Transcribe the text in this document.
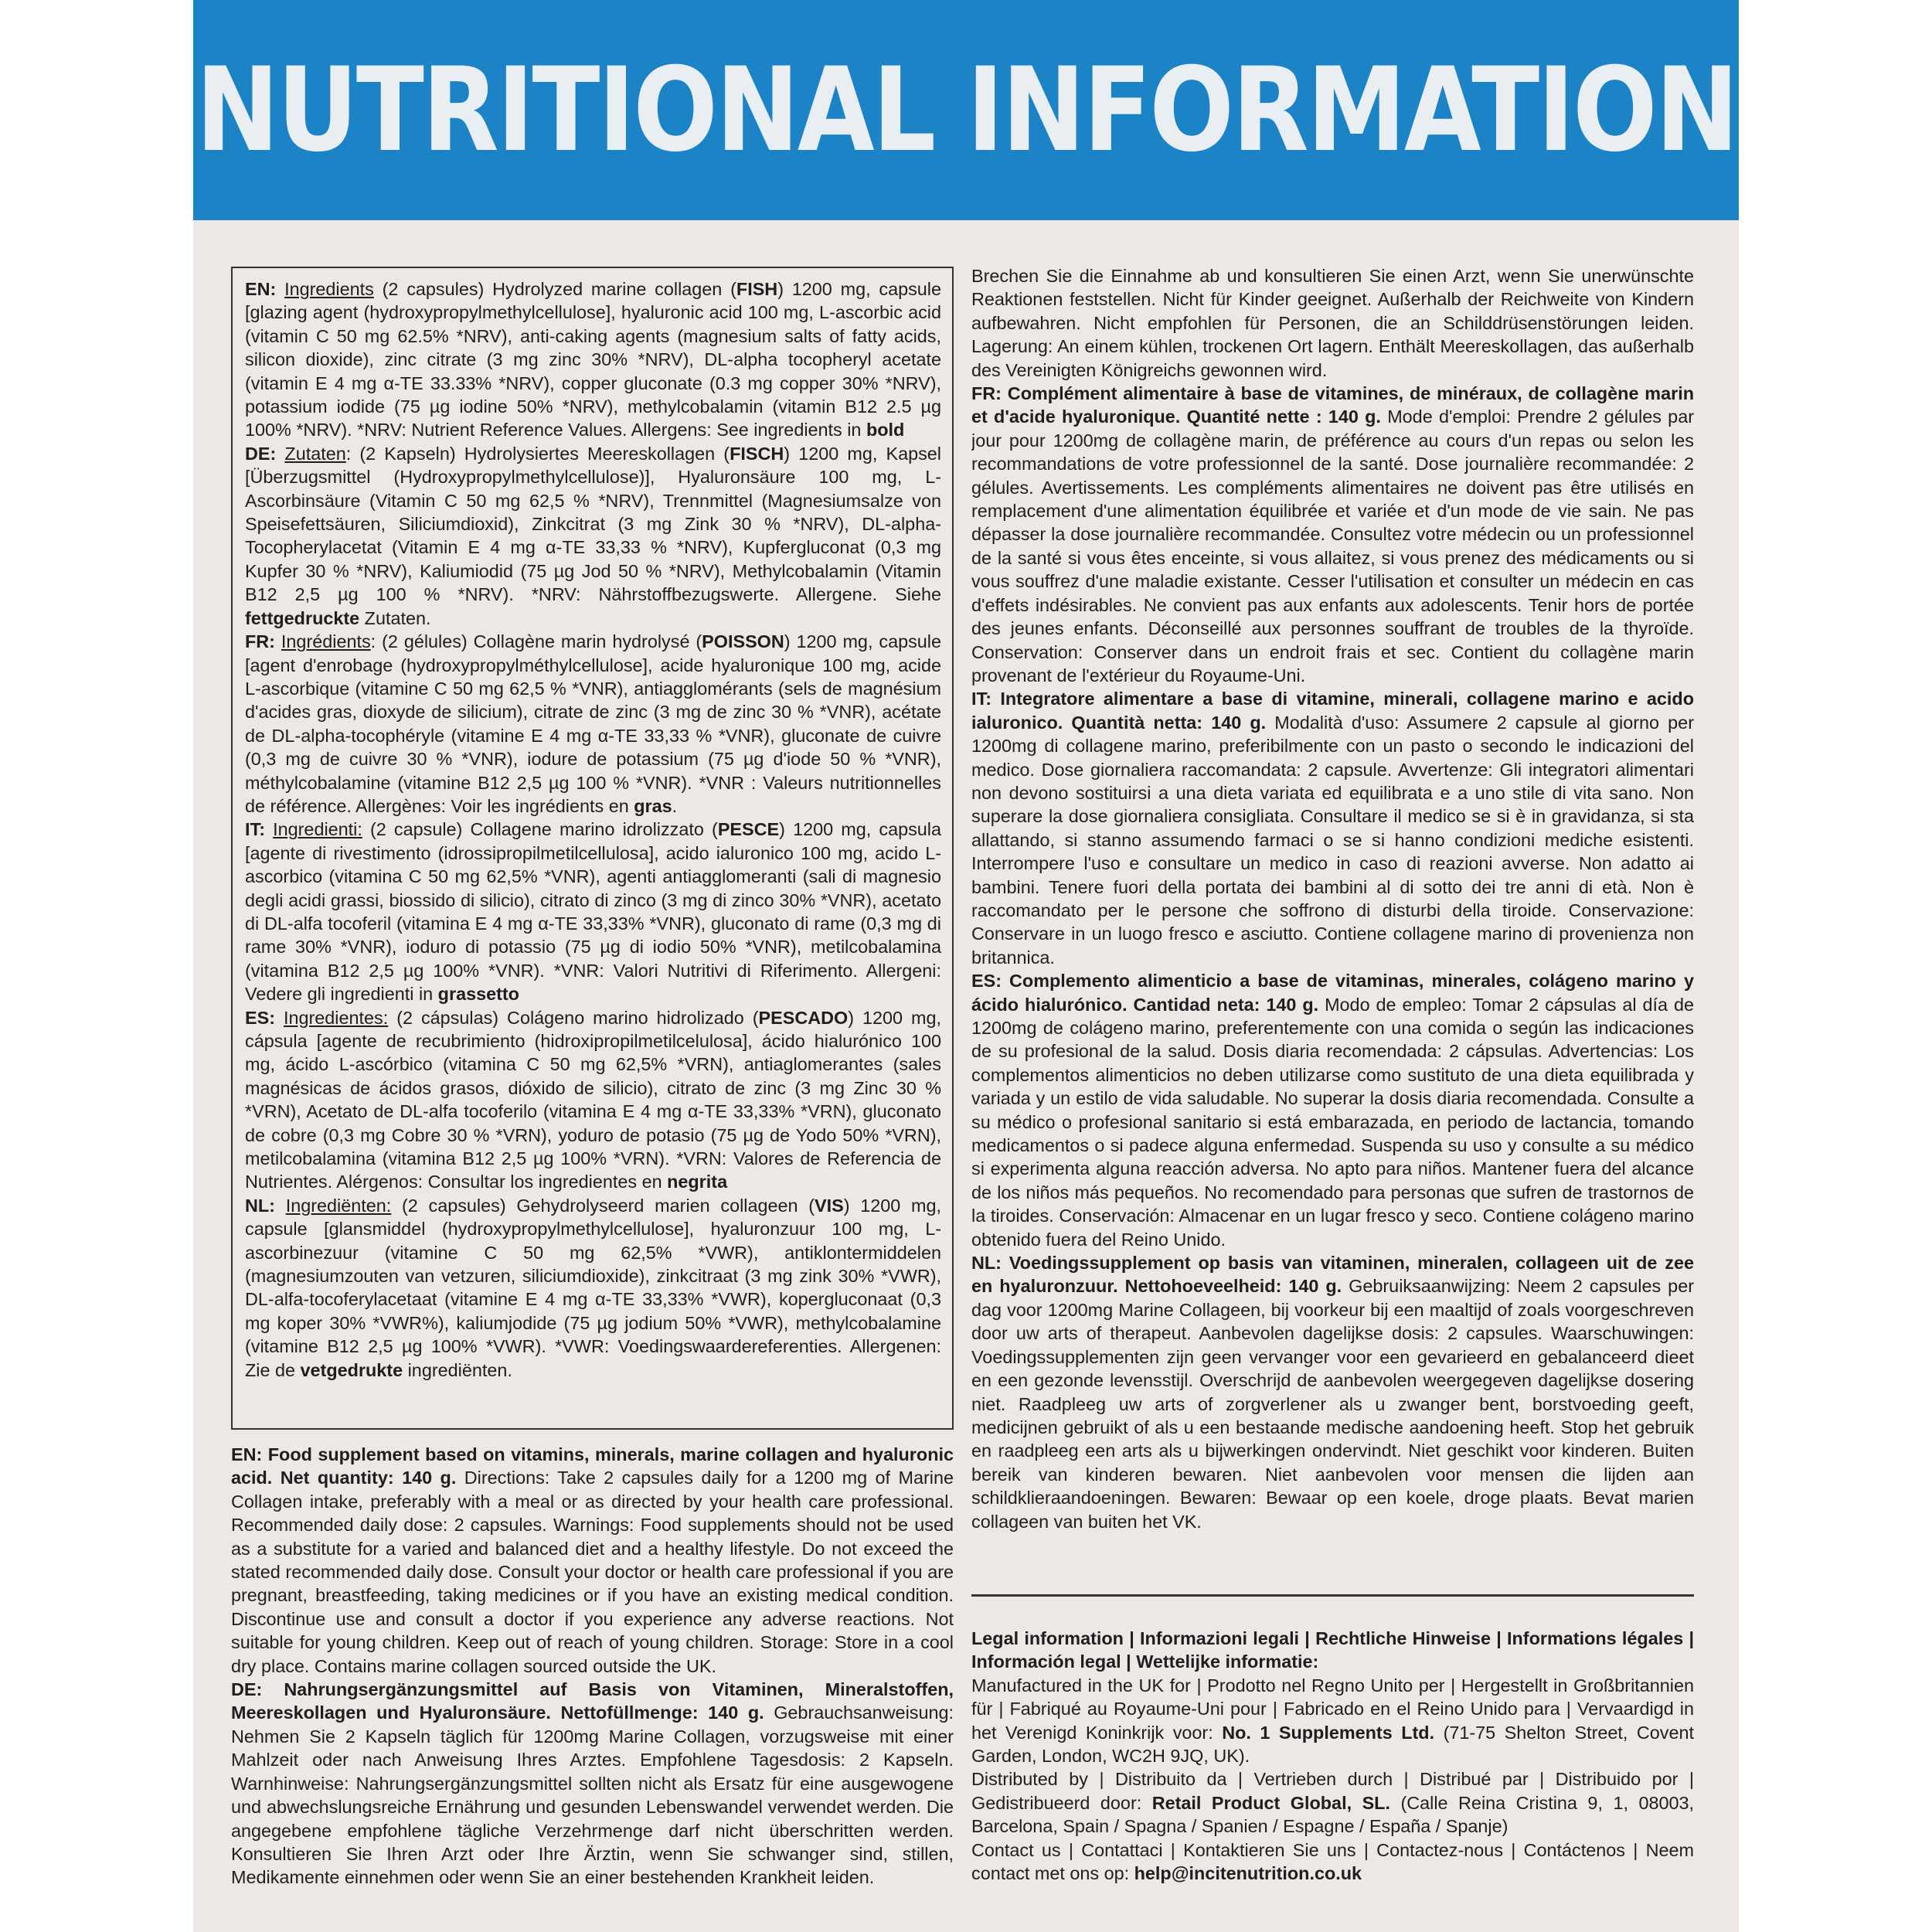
NUTRITIONAL INFORMATION

EN: Ingredients (2 capsules) Hydrolyzed marine collagen (FISH) 1200 mg, capsule [glazing agent (hydroxypropylmethylcellulose], hyaluronic acid 100 mg, L-ascorbic acid (vitamin C 50 mg 62.5% *NRV), anti-caking agents (magnesium salts of fatty acids, silicon dioxide), zinc citrate (3 mg zinc 30% *NRV), DL-alpha tocopheryl acetate (vitamin E 4 mg α-TE 33.33% *NRV), copper gluconate (0.3 mg copper 30% *NRV), potassium iodide (75 µg iodine 50% *NRV), methylcobalamin (vitamin B12 2.5 µg 100% *NRV). *NRV: Nutrient Reference Values. Allergens: See ingredients in bold

DE: Zutaten: (2 Kapseln) Hydrolysiertes Meereskollagen (FISCH) 1200 mg, Kapsel [Überzugsmittel (Hydroxypropylmethylcellulose)], Hyaluronsäure 100 mg, L-Ascorbinsäure (Vitamin C 50 mg 62,5 % *NRV), Trennmittel (Magnesiumsalze von Speisefettsäuren, Siliciumdioxid), Zinkcitrat (3 mg Zink 30 % *NRV), DL-alpha-Tocopherylacetat (Vitamin E 4 mg α-TE 33,33 % *NRV), Kupfergluconat (0,3 mg Kupfer 30 % *NRV), Kaliumiodid (75 µg Jod 50 % *NRV), Methylcobalamin (Vitamin B12 2,5 µg 100 % *NRV). *NRV: Nährstoffbezugswerte. Allergene. Siehe fettgedruckte Zutaten.

FR: Ingrédients: (2 gélules) Collagène marin hydrolysé (POISSON) 1200 mg, capsule [agent d'enrobage (hydroxypropylméthylcellulose], acide hyaluronique 100 mg, acide L-ascorbique (vitamine C 50 mg 62,5 % *VNR), antiagglomérants (sels de magnésium d'acides gras, dioxyde de silicium), citrate de zinc (3 mg de zinc 30 % *VNR), acétate de DL-alpha-tocophéryle (vitamine E 4 mg α-TE 33,33 % *VNR), gluconate de cuivre (0,3 mg de cuivre 30 % *VNR), iodure de potassium (75 µg d'iode 50 % *VNR), méthylcobalamine (vitamine B12 2,5 µg 100 % *VNR). *VNR : Valeurs nutritionnelles de référence. Allergènes: Voir les ingrédients en gras.

IT: Ingredienti: (2 capsule) Collagene marino idrolizzato (PESCE) 1200 mg, capsula [agente di rivestimento (idrossipropilmetilcellulosa], acido ialuronico 100 mg, acido L-ascorbico (vitamina C 50 mg 62,5% *VNR), agenti antiagglomeranti (sali di magnesio degli acidi grassi, biossido di silicio), citrato di zinco (3 mg di zinco 30% *VNR), acetato di DL-alfa tocoferil (vitamina E 4 mg α-TE 33,33% *VNR), gluconato di rame (0,3 mg di rame 30% *VNR), ioduro di potassio (75 µg di iodio 50% *VNR), metilcobalamina (vitamina B12 2,5 µg 100% *VNR). *VNR: Valori Nutritivi di Riferimento. Allergeni: Vedere gli ingredienti in grassetto

ES: Ingredientes: (2 cápsulas) Colágeno marino hidrolizado (PESCADO) 1200 mg, cápsula [agente de recubrimiento (hidroxipropilmetilcelulosa], ácido hialurónico 100 mg, ácido L-ascórbico (vitamina C 50 mg 62,5% *VRN), antiaglomerantes (sales magnésicas de ácidos grasos, dióxido de silicio), citrato de zinc (3 mg Zinc 30 % *VRN), Acetato de DL-alfa tocoferilo (vitamina E 4 mg α-TE 33,33% *VRN), gluconato de cobre (0,3 mg Cobre 30 % *VRN), yoduro de potasio (75 µg de Yodo 50% *VRN), metilcobalamina (vitamina B12 2,5 µg 100% *VRN). *VRN: Valores de Referencia de Nutrientes. Alérgenos: Consultar los ingredientes en negrita

NL: Ingrediënten: (2 capsules) Gehydrolyseerd marien collageen (VIS) 1200 mg, capsule [glansmiddel (hydroxypropylmethylcellulose], hyaluronzuur 100 mg, L-ascorbinezuur (vitamine C 50 mg 62,5% *VWR), antiklontermiddelen (magnesiumzouten van vetzuren, siliciumdioxide), zinkcitraat (3 mg zink 30% *VWR), DL-alfa-tocoferylacetaat (vitamine E 4 mg α-TE 33,33% *VWR), kopergluconaat (0,3 mg koper 30% *VWR%), kaliumjodide (75 µg jodium 50% *VWR), methylcobalamine (vitamine B12 2,5 µg 100% *VWR). *VWR: Voedingswaardereferenties. Allergenen: Zie de vetgedrukte ingrediënten.

EN: Food supplement based on vitamins, minerals, marine collagen and hyaluronic acid. Net quantity: 140 g. Directions: Take 2 capsules daily for a 1200 mg of Marine Collagen intake, preferably with a meal or as directed by your health care professional. Recommended daily dose: 2 capsules. Warnings: Food supplements should not be used as a substitute for a varied and balanced diet and a healthy lifestyle. Do not exceed the stated recommended daily dose. Consult your doctor or health care professional if you are pregnant, breastfeeding, taking medicines or if you have an existing medical condition. Discontinue use and consult a doctor if you experience any adverse reactions. Not suitable for young children. Keep out of reach of young children. Storage: Store in a cool dry place. Contains marine collagen sourced outside the UK.

DE: Nahrungsergänzungsmittel auf Basis von Vitaminen, Mineralstoffen, Meereskollagen und Hyaluronsäure. Nettofüllmenge: 140 g. Gebrauchsanweisung: Nehmen Sie 2 Kapseln täglich für 1200mg Marine Collagen, vorzugsweise mit einer Mahlzeit oder nach Anweisung Ihres Arztes. Empfohlene Tagesdosis: 2 Kapseln. Warnhinweise: Nahrungsergänzungsmittel sollten nicht als Ersatz für eine ausgewogene und abwechslungsreiche Ernährung und gesunden Lebenswandel verwendet werden. Die angegebene empfohlene tägliche Verzehrmenge darf nicht überschritten werden. Konsultieren Sie Ihren Arzt oder Ihre Ärztin, wenn Sie schwanger sind, stillen, Medikamente einnehmen oder wenn Sie an einer bestehenden Krankheit leiden.

Brechen Sie die Einnahme ab und konsultieren Sie einen Arzt, wenn Sie unerwünschte Reaktionen feststellen. Nicht für Kinder geeignet. Außerhalb der Reichweite von Kindern aufbewahren. Nicht empfohlen für Personen, die an Schilddrüsenstörungen leiden. Lagerung: An einem kühlen, trockenen Ort lagern. Enthält Meereskollagen, das außerhalb des Vereinigten Königreichs gewonnen wird.

FR: Complément alimentaire à base de vitamines, de minéraux, de collagène marin et d'acide hyaluronique. Quantité nette : 140 g. Mode d'emploi: Prendre 2 gélules par jour pour 1200mg de collagène marin, de préférence au cours d'un repas ou selon les recommandations de votre professionnel de la santé. Dose journalière recommandée: 2 gélules. Avertissements. Les compléments alimentaires ne doivent pas être utilisés en remplacement d'une alimentation équilibrée et variée et d'un mode de vie sain. Ne pas dépasser la dose journalière recommandée. Consultez votre médecin ou un professionnel de la santé si vous êtes enceinte, si vous allaitez, si vous prenez des médicaments ou si vous souffrez d'une maladie existante. Cesser l'utilisation et consulter un médecin en cas d'effets indésirables. Ne convient pas aux enfants aux adolescents. Tenir hors de portée des jeunes enfants. Déconseillé aux personnes souffrant de troubles de la thyroïde. Conservation: Conserver dans un endroit frais et sec. Contient du collagène marin provenant de l'extérieur du Royaume-Uni.

IT: Integratore alimentare a base di vitamine, minerali, collagene marino e acido ialuronico. Quantità netta: 140 g. Modalità d'uso: Assumere 2 capsule al giorno per 1200mg di collagene marino, preferibilmente con un pasto o secondo le indicazioni del medico. Dose giornaliera raccomandata: 2 capsule. Avvertenze: Gli integratori alimentari non devono sostituirsi a una dieta variata ed equilibrata e a uno stile di vita sano. Non superare la dose giornaliera consigliata. Consultare il medico se si è in gravidanza, si sta allattando, si stanno assumendo farmaci o se si hanno condizioni mediche esistenti. Interrompere l'uso e consultare un medico in caso di reazioni avverse. Non adatto ai bambini. Tenere fuori della portata dei bambini al di sotto dei tre anni di età. Non è raccomandato per le persone che soffrono di disturbi della tiroide. Conservazione: Conservare in un luogo fresco e asciutto. Contiene collagene marino di provenienza non britannica.

ES: Complemento alimenticio a base de vitaminas, minerales, colágeno marino y ácido hialurónico. Cantidad neta: 140 g. Modo de empleo: Tomar 2 cápsulas al día de 1200mg de colágeno marino, preferentemente con una comida o según las indicaciones de su profesional de la salud. Dosis diaria recomendada: 2 cápsulas. Advertencias: Los complementos alimenticios no deben utilizarse como sustituto de una dieta equilibrada y variada y un estilo de vida saludable. No superar la dosis diaria recomendada. Consulte a su médico o profesional sanitario si está embarazada, en periodo de lactancia, tomando medicamentos o si padece alguna enfermedad. Suspenda su uso y consulte a su médico si experimenta alguna reacción adversa. No apto para niños. Mantener fuera del alcance de los niños más pequeños. No recomendado para personas que sufren de trastornos de la tiroides. Conservación: Almacenar en un lugar fresco y seco. Contiene colágeno marino obtenido fuera del Reino Unido.

NL: Voedingssupplement op basis van vitaminen, mineralen, collageen uit de zee en hyaluronzuur. Nettohoeveelheid: 140 g. Gebruiksaanwijzing: Neem 2 capsules per dag voor 1200mg Marine Collageen, bij voorkeur bij een maaltijd of zoals voorgeschreven door uw arts of therapeut. Aanbevolen dagelijkse dosis: 2 capsules. Waarschuwingen: Voedingssupplementen zijn geen vervanger voor een gevarieerd en gebalanceerd dieet en een gezonde levensstijl. Overschrijd de aanbevolen weergegeven dagelijkse dosering niet. Raadpleeg uw arts of zorgverlener als u zwanger bent, borstvoeding geeft, medicijnen gebruikt of als u een bestaande medische aandoening heeft. Stop het gebruik en raadpleeg een arts als u bijwerkingen ondervindt. Niet geschikt voor kinderen. Buiten bereik van kinderen bewaren. Niet aanbevolen voor mensen die lijden aan schildklieraandoeningen. Bewaren: Bewaar op een koele, droge plaats. Bevat marien collageen van buiten het VK.

Legal information | Informazioni legali | Rechtliche Hinweise | Informations légales | Información legal | Wettelijke informatie:

Manufactured in the UK for | Prodotto nel Regno Unito per | Hergestellt in Großbritannien für | Fabriqué au Royaume-Uni pour | Fabricado en el Reino Unido para | Vervaardigd in het Verenigd Koninkrijk voor: No. 1 Supplements Ltd. (71-75 Shelton Street, Covent Garden, London, WC2H 9JQ, UK).

Distributed by | Distribuito da | Vertrieben durch | Distribué par | Distribuido por | Gedistribueerd door: Retail Product Global, SL. (Calle Reina Cristina 9, 1, 08003, Barcelona, Spain / Spagna / Spanien / Espagne / España / Spanje)

Contact us | Contattaci | Kontaktieren Sie uns | Contactez-nous | Contáctenos | Neem contact met ons op: help@incitenutrition.co.uk
